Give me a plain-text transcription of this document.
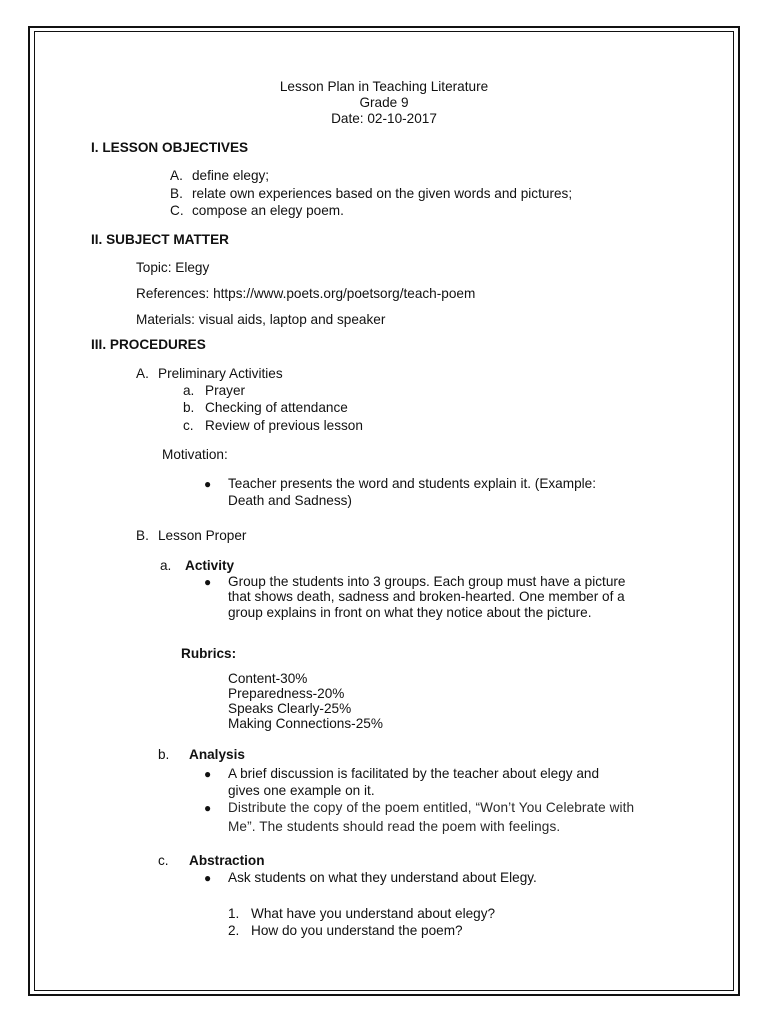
Lesson Plan in Teaching Literature
Grade 9
Date: 02-10-2017
I. LESSON OBJECTIVES
A. define elegy;
B. relate own experiences based on the given words and pictures;
C. compose an elegy poem.
II. SUBJECT MATTER
Topic: Elegy
References: https://www.poets.org/poetsorg/teach-poem
Materials: visual aids, laptop and speaker
III. PROCEDURES
A. Preliminary Activities
a. Prayer
b. Checking of attendance
c. Review of previous lesson
Motivation:
● Teacher presents the word and students explain it. (Example:
Death and Sadness)
B. Lesson Proper
a. Activity
● Group the students into 3 groups. Each group must have a picture
that shows death, sadness and broken-hearted. One member of a
group explains in front on what they notice about the picture.
Rubrics:
Content-30%
Preparedness-20%
Speaks Clearly-25%
Making Connections-25%
b. Analysis
● A brief discussion is facilitated by the teacher about elegy and
gives one example on it.
● Distribute the copy of the poem entitled, “Won’t You Celebrate with
Me”. The students should read the poem with feelings.
c. Abstraction
● Ask students on what they understand about Elegy.
1. What have you understand about elegy?
2. How do you understand the poem?
